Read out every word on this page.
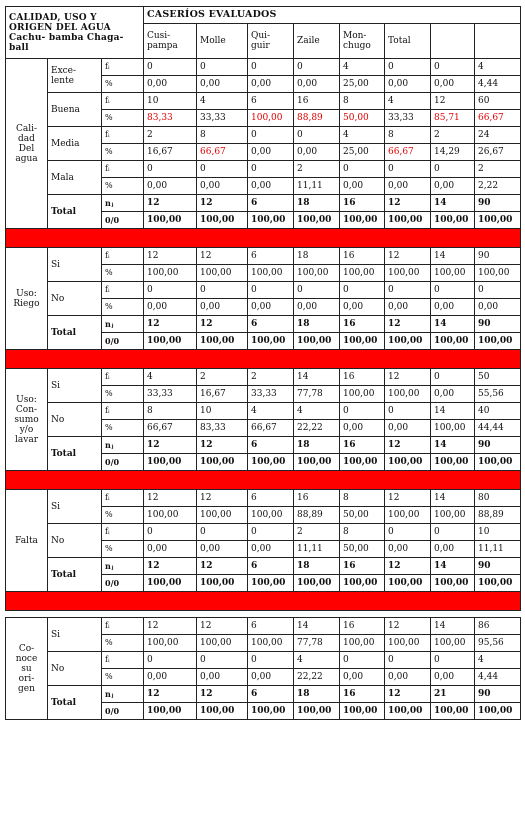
CALIDAD, USO Y
ORIGEN DEL AGUA
Cachu- bamba Chaga-
ball			CASERÍOS EVALUADOS							
			Cusi-
pampa	Molle	Qui-
guir	Zaile	Mon-
chugo	Total		
Cali-
dad
Del
agua	Exce-
lente	fᵢ	0	0	0	0	4	0	0	4
		%	0,00	0,00	0,00	0,00	25,00	0,00	0,00	4,44
	Buena	fᵢ	10	4	6	16	8	4	12	60
		%	83,33	33,33	100,00	88,89	50,00	33,33	85,71	66,67
	Media	fᵢ	2	8	0	0	4	8	2	24
		%	16,67	66,67	0,00	0,00	25,00	66,67	14,29	26,67
	Mala	fᵢ	0	0	0	2	0	0	0	2
		%	0,00	0,00	0,00	11,11	0,00	0,00	0,00	2,22
	Total	nⱼ	12	12	6	18	16	12	14	90
		0/0	100,00	100,00	100,00	100,00	100,00	100,00	100,00	100,00

Uso:
Riego	Si	fᵢ	12	12	6	18	16	12	14	90
		%	100,00	100,00	100,00	100,00	100,00	100,00	100,00	100,00
	No	fᵢ	0	0	0	0	0	0	0	0
		%	0,00	0,00	0,00	0,00	0,00	0,00	0,00	0,00
	Total	nⱼ	12	12	6	18	16	12	14	90
		0/0	100,00	100,00	100,00	100,00	100,00	100,00	100,00	100,00

Uso:
Con-
sumo
y/o
lavar	Si	fᵢ	4	2	2	14	16	12	0	50
		%	33,33	16,67	33,33	77,78	100,00	100,00	0,00	55,56
	No	fᵢ	8	10	4	4	0	0	14	40
		%	66,67	83,33	66,67	22,22	0,00	0,00	100,00	44,44
	Total	nⱼ	12	12	6	18	16	12	14	90
		0/0	100,00	100,00	100,00	100,00	100,00	100,00	100,00	100,00

Falta	Si	fᵢ	12	12	6	16	8	12	14	80
		%	100,00	100,00	100,00	88,89	50,00	100,00	100,00	88,89
	No	fᵢ	0	0	0	2	8	0	0	10
		%	0,00	0,00	0,00	11,11	50,00	0,00	0,00	11,11
	Total	nⱼ	12	12	6	18	16	12	14	90
		0/0	100,00	100,00	100,00	100,00	100,00	100,00	100,00	100,00

Co-
noce
su
ori-
gen	Si	fᵢ	12	12	6	14	16	12	14	86
		%	100,00	100,00	100,00	77,78	100,00	100,00	100,00	95,56
	No	fᵢ	0	0	0	4	0	0	0	4
		%	0,00	0,00	0,00	22,22	0,00	0,00	0,00	4,44
	Total	nⱼ	12	12	6	18	16	12	21	90
		0/0	100,00	100,00	100,00	100,00	100,00	100,00	100,00	100,00
